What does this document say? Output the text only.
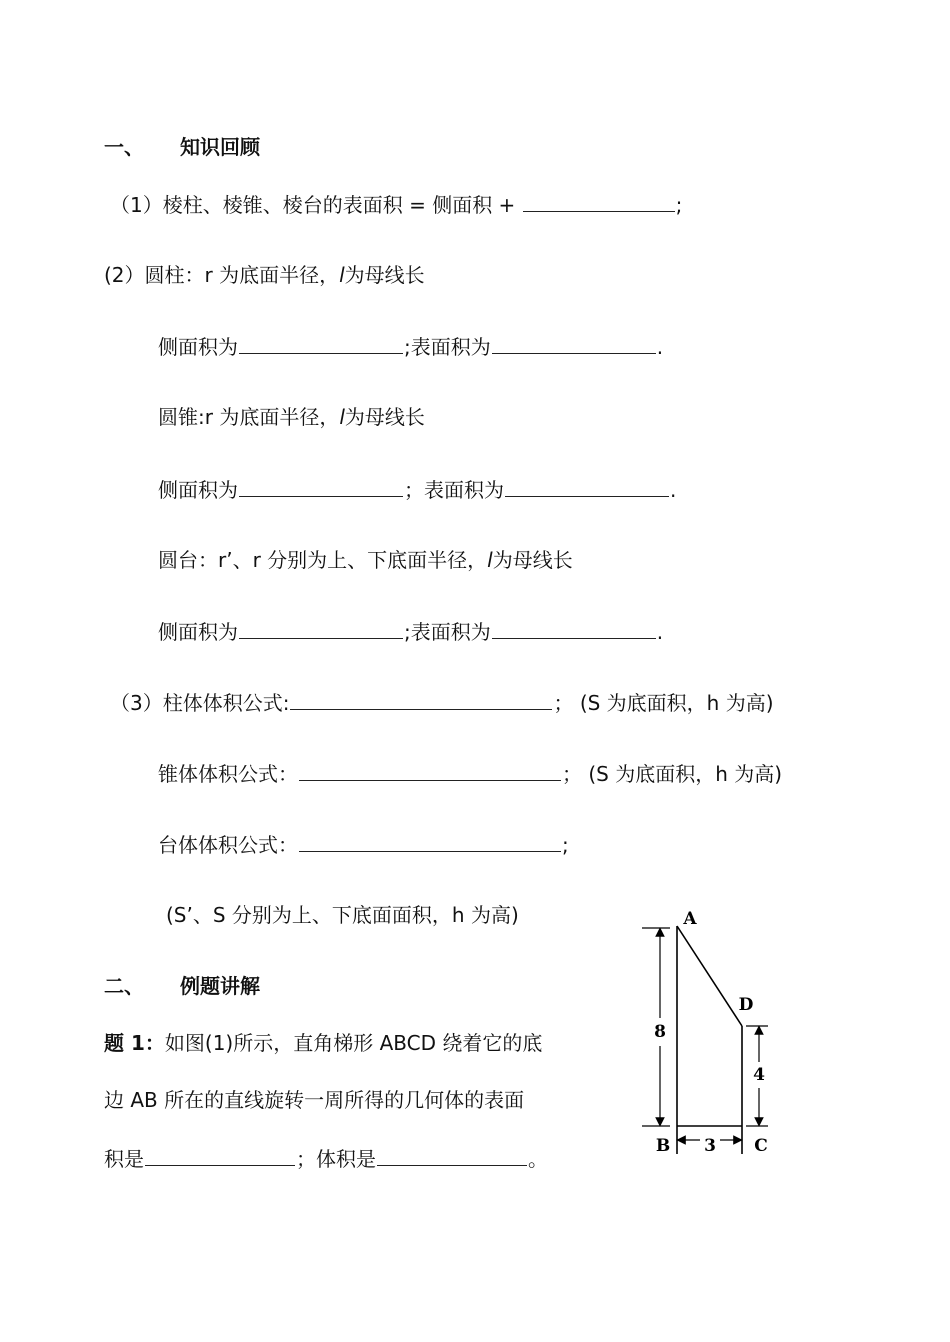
一、 知识回顾
（1）棱柱、棱锥、棱台的表面积 = 侧面积 +	;
(2）圆柱：r 为底面半径，l为母线长
侧面积为	;表面积为	.
圆锥:r 为底面半径，l为母线长
侧面积为	；表面积为	.
圆台：r’、r 分别为上、下底面半径，l为母线长
侧面积为	;表面积为	.
（3）柱体体积公式:	； (S 为底面积，h 为高)
锥体体积公式：	； (S 为底面积，h 为高)
台体体积公式：	;
(S’、S 分别为上、下底面面积，h 为高)
二、 例题讲解
题 1：如图(1)所示，直角梯形 ABCD 绕着它的底
边 AB 所在的直线旋转一周所得的几何体的表面
积是	；体积是	。
8
4
3
A
D
B	C
